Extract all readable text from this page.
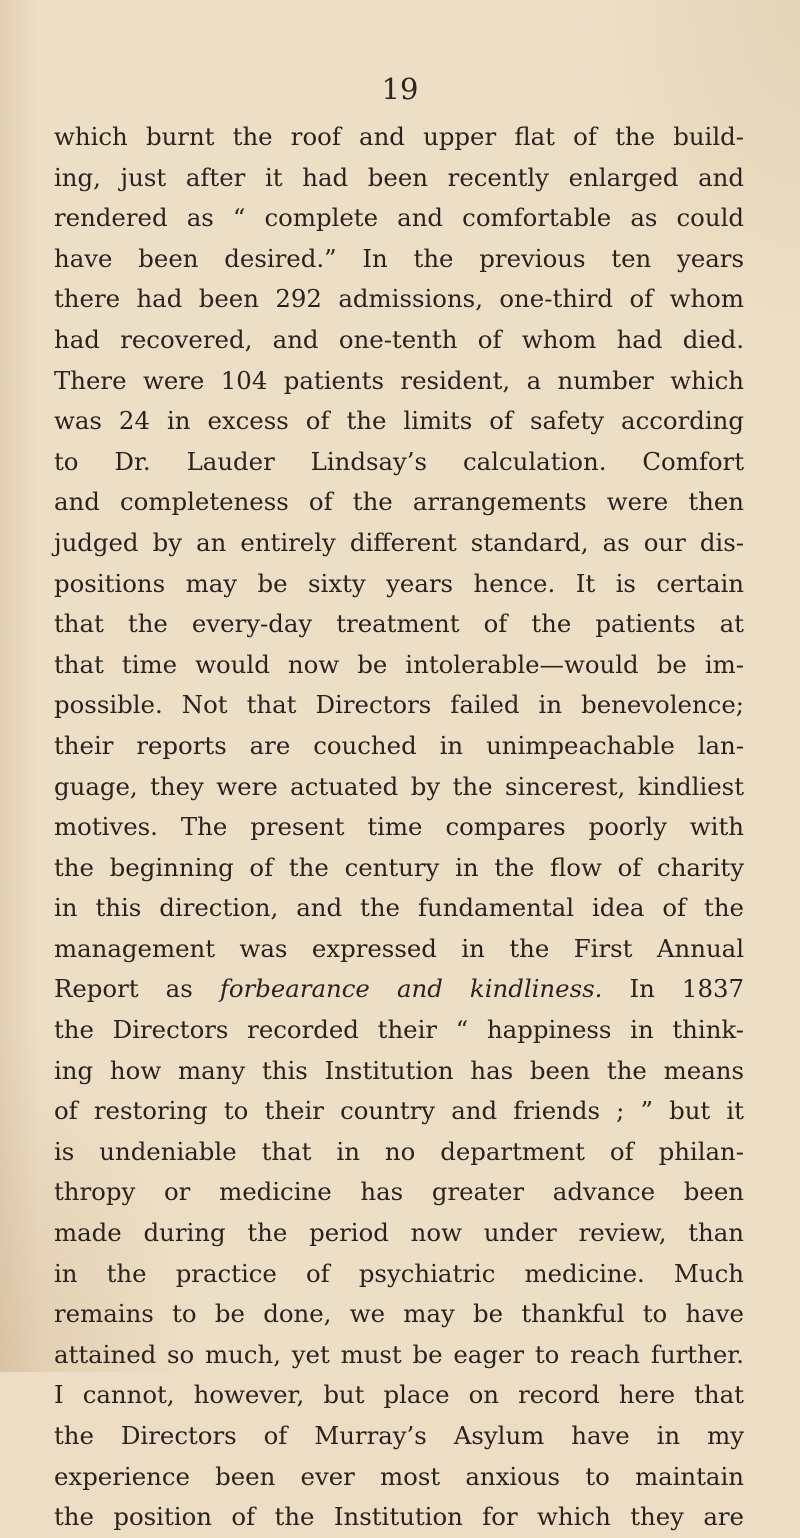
19

which burnt the roof and upper flat of the build-
ing, just after it had been recently enlarged and
rendered as “ complete and comfortable as could
have been desired.” In the previous ten years
there had been 292 admissions, one-third of whom
had recovered, and one-tenth of whom had died.
There were 104 patients resident, a number which
was 24 in excess of the limits of safety according
to Dr. Lauder Lindsay’s calculation. Comfort
and completeness of the arrangements were then
judged by an entirely different standard, as our dis-
positions may be sixty years hence. It is certain
that the every-day treatment of the patients at
that time would now be intolerable—would be im-
possible. Not that Directors failed in benevolence;
their reports are couched in unimpeachable lan-
guage, they were actuated by the sincerest, kindliest
motives. The present time compares poorly with
the beginning of the century in the flow of charity
in this direction, and the fundamental idea of the
management was expressed in the First Annual
Report as forbearance and kindliness. In 1837
the Directors recorded their “ happiness in think-
ing how many this Institution has been the means
of restoring to their country and friends ; ” but it
is undeniable that in no department of philan-
thropy or medicine has greater advance been
made during the period now under review, than
in the practice of psychiatric medicine. Much
remains to be done, we may be thankful to have
attained so much, yet must be eager to reach further.
I cannot, however, but place on record here that
the Directors of Murray’s Asylum have in my
experience been ever most anxious to maintain
the position of the Institution for which they are
